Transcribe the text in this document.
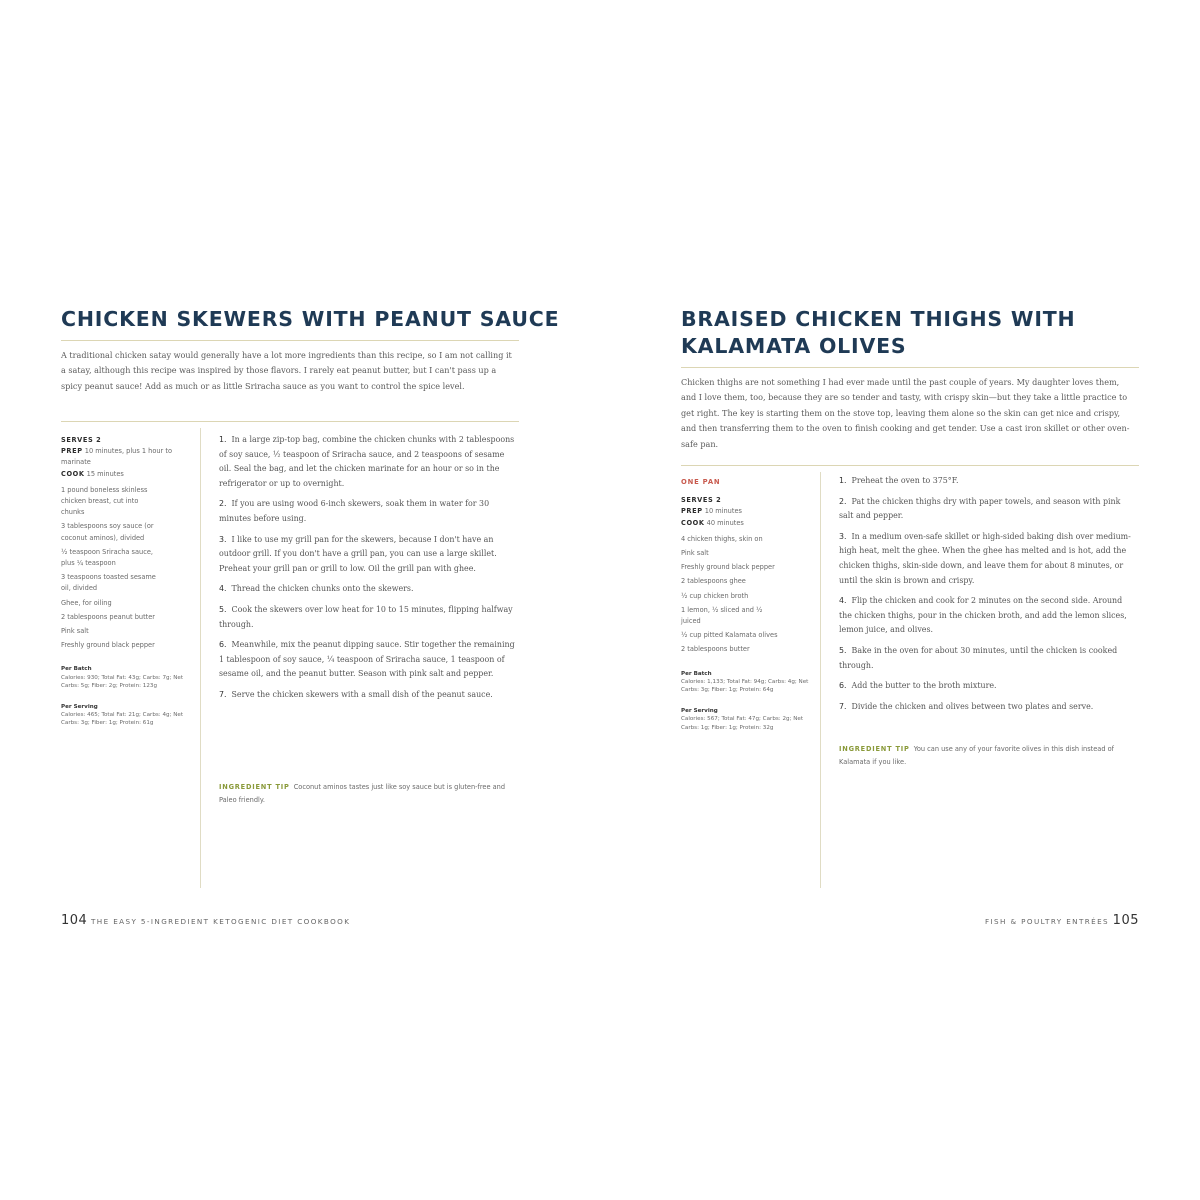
CHICKEN SKEWERS WITH PEANUT SAUCE

A traditional chicken satay would generally have a lot more ingredients than this recipe, so I am not calling it a satay, although this recipe was inspired by those flavors. I rarely eat peanut butter, but I can't pass up a spicy peanut sauce! Add as much or as little Sriracha sauce as you want to control the spice level.

SERVES 2

PREP 10 minutes, plus 1 hour to marinate

COOK 15 minutes

1 pound boneless skinless chicken breast, cut into chunks
3 tablespoons soy sauce (or coconut aminos), divided
½ teaspoon Sriracha sauce, plus ¼ teaspoon
3 teaspoons toasted sesame oil, divided
Ghee, for oiling
2 tablespoons peanut butter
Pink salt
Freshly ground black pepper
Per Batch
Calories: 930; Total Fat: 43g; Carbs: 7g; Net Carbs: 5g; Fiber: 2g; Protein: 123g
Per Serving
Calories: 465; Total Fat: 21g; Carbs: 4g; Net Carbs: 3g; Fiber: 1g; Protein: 61g
1. In a large zip-top bag, combine the chicken chunks with 2 tablespoons of soy sauce, ½ teaspoon of Sriracha sauce, and 2 teaspoons of sesame oil. Seal the bag, and let the chicken marinate for an hour or so in the refrigerator or up to overnight.
2. If you are using wood 6-inch skewers, soak them in water for 30 minutes before using.
3. I like to use my grill pan for the skewers, because I don't have an outdoor grill. If you don't have a grill pan, you can use a large skillet. Preheat your grill pan or grill to low. Oil the grill pan with ghee.
4. Thread the chicken chunks onto the skewers.
5. Cook the skewers over low heat for 10 to 15 minutes, flipping halfway through.
6. Meanwhile, mix the peanut dipping sauce. Stir together the remaining 1 tablespoon of soy sauce, ¼ teaspoon of Sriracha sauce, 1 teaspoon of sesame oil, and the peanut butter. Season with pink salt and pepper.
7. Serve the chicken skewers with a small dish of the peanut sauce.

INGREDIENT TIP Coconut aminos tastes just like soy sauce but is gluten-free and Paleo friendly.

104 THE EASY 5-INGREDIENT KETOGENIC DIET COOKBOOK
BRAISED CHICKEN THIGHS WITH
KALAMATA OLIVES

Chicken thighs are not something I had ever made until the past couple of years. My daughter loves them, and I love them, too, because they are so tender and tasty, with crispy skin—but they take a little practice to get right. The key is starting them on the stove top, leaving them alone so the skin can get nice and crispy, and then transferring them to the oven to finish cooking and get tender. Use a cast iron skillet or other oven-safe pan.

ONE PAN

SERVES 2

PREP 10 minutes

COOK 40 minutes

4 chicken thighs, skin on
Pink salt
Freshly ground black pepper
2 tablespoons ghee
½ cup chicken broth
1 lemon, ½ sliced and ½ juiced
½ cup pitted Kalamata olives
2 tablespoons butter
Per Batch
Calories: 1,133; Total Fat: 94g; Carbs: 4g; Net Carbs: 3g; Fiber: 1g; Protein: 64g
Per Serving
Calories: 567; Total Fat: 47g; Carbs: 2g; Net Carbs: 1g; Fiber: 1g; Protein: 32g
1. Preheat the oven to 375°F.
2. Pat the chicken thighs dry with paper towels, and season with pink salt and pepper.
3. In a medium oven-safe skillet or high-sided baking dish over medium-high heat, melt the ghee. When the ghee has melted and is hot, add the chicken thighs, skin-side down, and leave them for about 8 minutes, or until the skin is brown and crispy.
4. Flip the chicken and cook for 2 minutes on the second side. Around the chicken thighs, pour in the chicken broth, and add the lemon slices, lemon juice, and olives.
5. Bake in the oven for about 30 minutes, until the chicken is cooked through.
6. Add the butter to the broth mixture.
7. Divide the chicken and olives between two plates and serve.

INGREDIENT TIP You can use any of your favorite olives in this dish instead of Kalamata if you like.

FISH & POULTRY ENTRÉES 105
